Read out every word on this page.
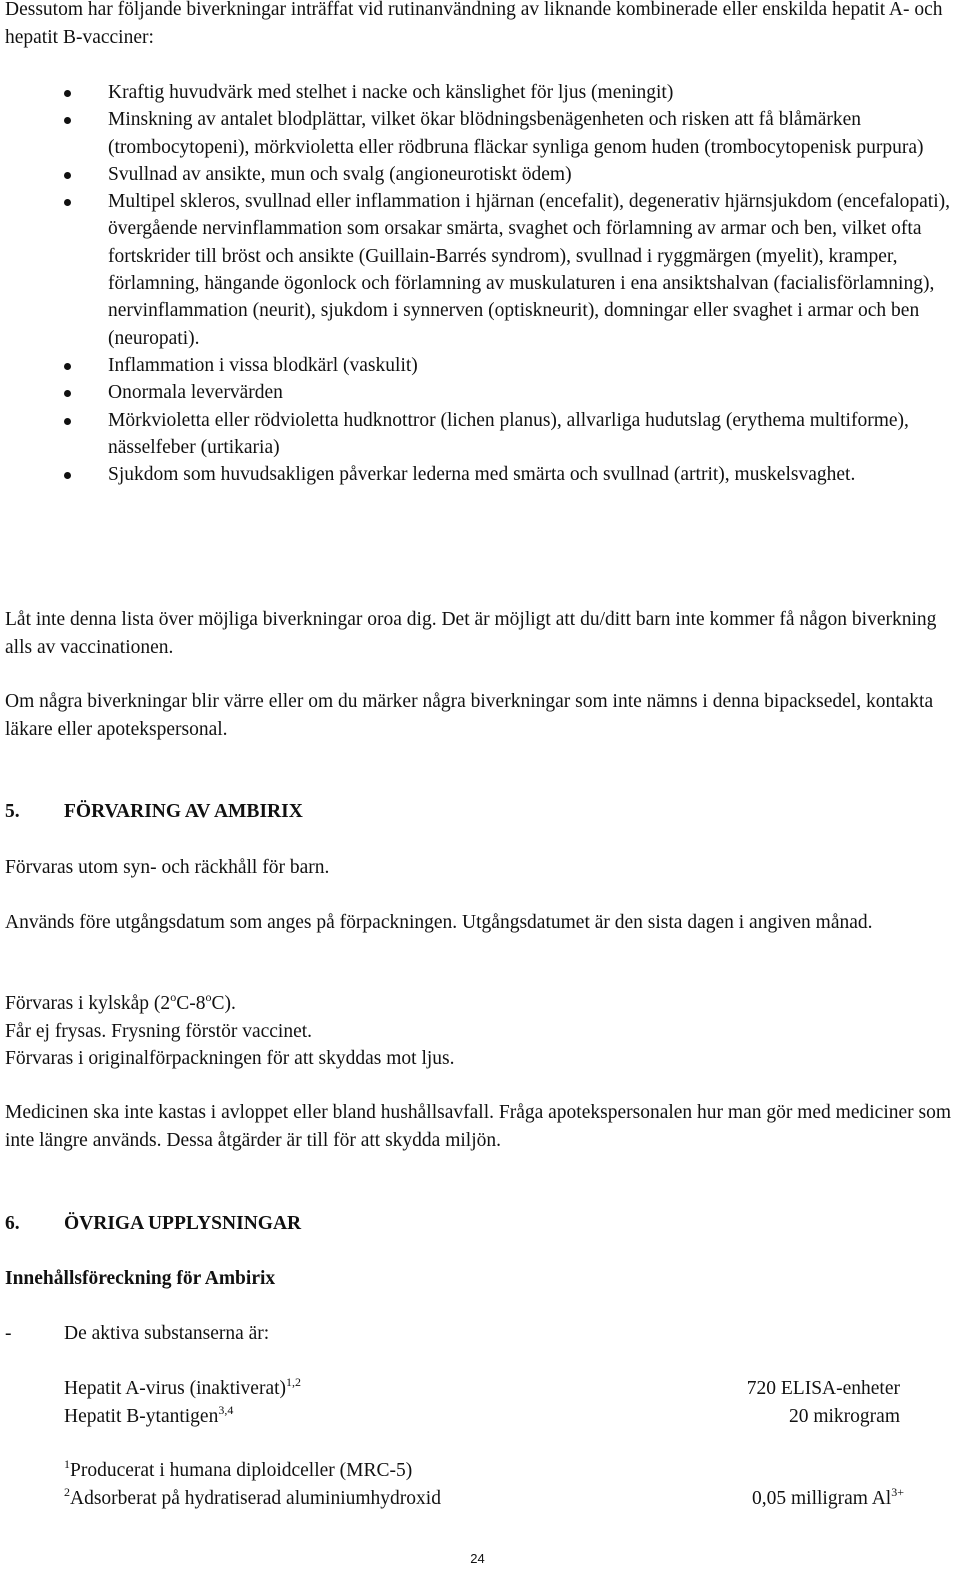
Dessutom har följande biverkningar inträffat vid rutinanvändning av liknande kombinerade eller enskilda hepatit A- och hepatit B-vacciner:

Kraftig huvudvärk med stelhet i nacke och känslighet för ljus (meningit)
Minskning av antalet blodplättar, vilket ökar blödningsbenägenheten och risken att få blåmärken (trombocytopeni), mörkvioletta eller rödbruna fläckar synliga genom huden (trombocytopenisk purpura)
Svullnad av ansikte, mun och svalg (angioneurotiskt ödem)
Multipel skleros, svullnad eller inflammation i hjärnan (encefalit), degenerativ hjärnsjukdom (encefalopati), övergående nervinflammation som orsakar smärta, svaghet och förlamning av armar och ben, vilket ofta fortskrider till bröst och ansikte (Guillain-Barrés syndrom), svullnad i ryggmärgen (myelit), kramper, förlamning, hängande ögonlock och förlamning av muskulaturen i ena ansiktshalvan (facialisförlamning), nervinflammation (neurit), sjukdom i synnerven (optiskneurit), domningar eller svaghet i armar och ben (neuropati).
Inflammation i vissa blodkärl (vaskulit)
Onormala levervärden
Mörkvioletta eller rödvioletta hudknottror (lichen planus), allvarliga hudutslag (erythema multiforme), nässelfeber (urtikaria)
Sjukdom som huvudsakligen påverkar lederna med smärta och svullnad (artrit), muskelsvaghet.

Låt inte denna lista över möjliga biverkningar oroa dig. Det är möjligt att du/ditt barn inte kommer få någon biverkning alls av vaccinationen.

Om några biverkningar blir värre eller om du märker några biverkningar som inte nämns i denna bipacksedel, kontakta läkare eller apotekspersonal.

5. FÖRVARING AV AMBIRIX

Förvaras utom syn- och räckhåll för barn.

Används före utgångsdatum som anges på förpackningen. Utgångsdatumet är den sista dagen i angiven månad.

Förvaras i kylskåp (2$^o$C-8$^o$C).

Får ej frysas. Frysning förstör vaccinet.

Förvaras i originalförpackningen för att skyddas mot ljus.

Medicinen ska inte kastas i avloppet eller bland hushållsavfall. Fråga apotekspersonalen hur man gör med mediciner som inte längre används. Dessa åtgärder är till för att skydda miljön.

6. ÖVRIGA UPPLYSNINGAR
Innehållsföreckning för Ambirix

-	De aktiva substanserna är:

Hepatit A-virus (inaktiverat)$^{1,2}$	720 ELISA-enheter
Hepatit B-ytantigen$^{3,4}$	20 mikrogram
$^1$Producerat i humana diploidceller (MRC-5)
$^2$Adsorberat på hydratiserad aluminiumhydroxid	0,05 milligram $Al^{3+}$
24
